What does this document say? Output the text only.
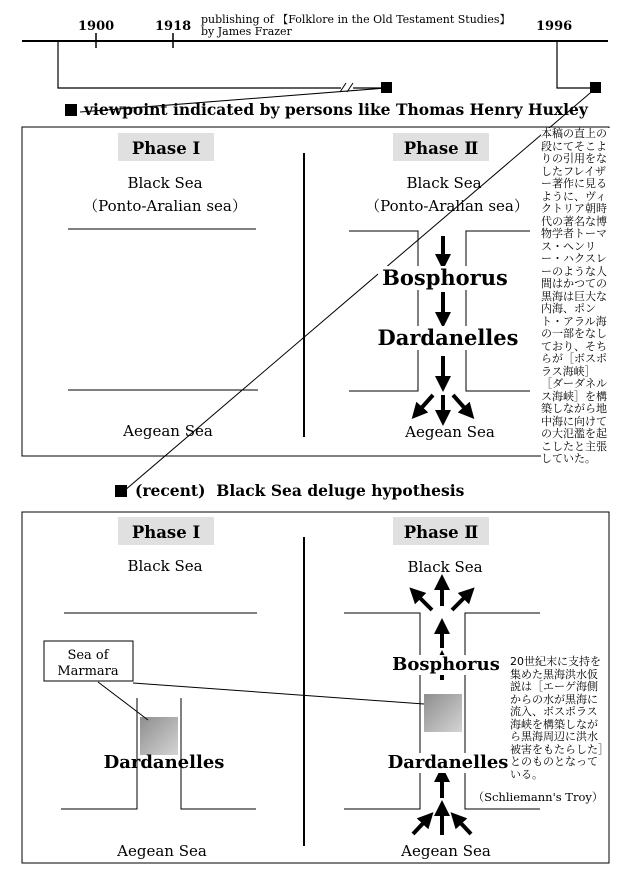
1900	1918 publishing of 【Folklore in the Old Testament Studies】
by James Frazer	1996
viewpoint indicated by persons like Thomas Henry Huxley
Phase Ⅰ
Black Sea
（Ponto-Aralian sea）
Aegean Sea
Phase Ⅱ
Black Sea
（Ponto-Aralian sea）
Bosphorus
Dardanelles
Aegean Sea
(recent)  Black Sea deluge hypothesis
Phase Ⅰ
Black Sea
Sea of
Marmara
Dardanelles
Aegean Sea
Phase Ⅱ
Black Sea
Bosphorus
Dardanelles
（Schliemann's Troy）
Aegean Sea
本稿の直上の段にてそこよりの引用をなしたフレイザー著作に見るように、ヴィクトリア朝時代の著名な博物学者トーマス・ヘンリー・ハクスレーのような人間はかつての黒海は巨大な内海、ポント・アラル海の一部をなしており、そちらが［ボスポラス海峡］［ダーダネルス海峡］を構築しながら地中海に向けての大氾濫を起こしたと主張していた。
20世紀末に支持を集めた黒海洪水仮説は［エーゲ海側からの水が黒海に流入、ボスポラス海峡を構築しながら黒海周辺に洪水被害をもたらした］とのものとなっている。
